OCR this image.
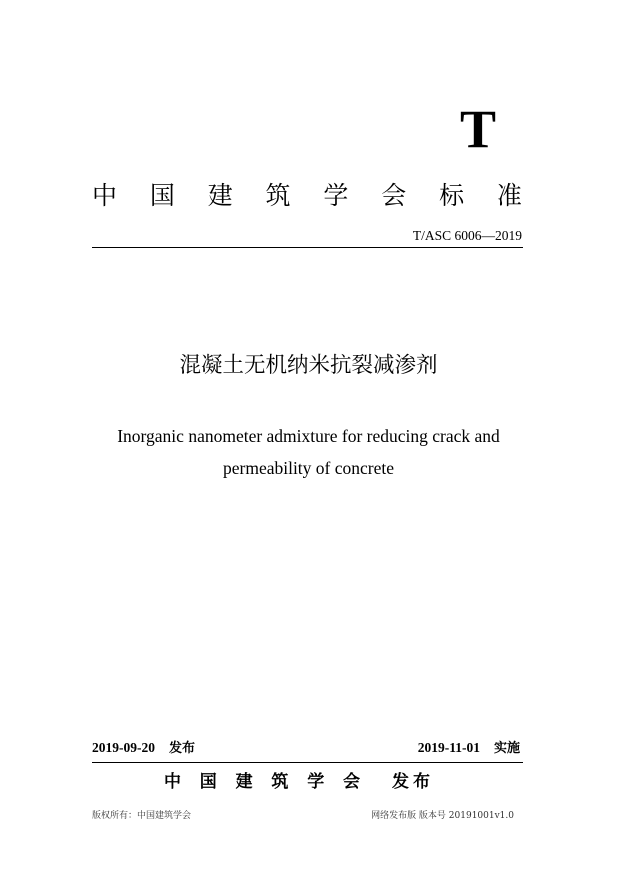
T
中 国 建 筑 学 会 标 准
T/ASC 6006—2019
混凝土无机纳米抗裂减渗剂
Inorganic nanometer admixture for reducing crack and
permeability of concrete
2019-09-20 发布	2019-11-01 实施
中 国 建 筑 学 会 发布
版权所有：中国建筑学会	网络发布版 版本号 20191001v1.0
